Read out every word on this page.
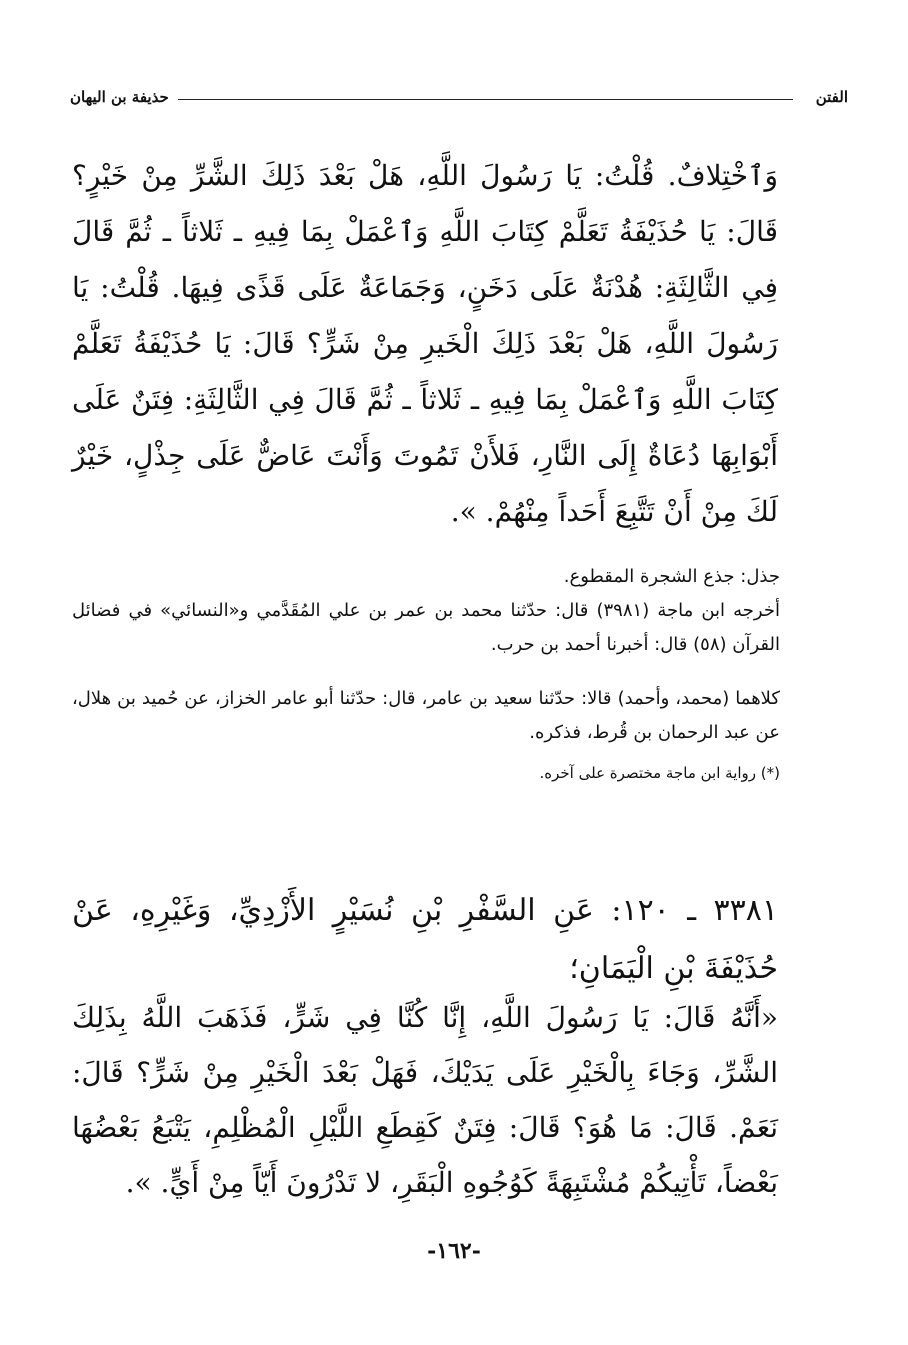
الفتن
حذيفة بن اليهان

وَٱخْتِلافٌ. قُلْتُ: يَا رَسُولَ اللَّهِ، هَلْ بَعْدَ ذَلِكَ الشَّرِّ مِنْ خَيْرٍ؟ قَالَ: يَا حُذَيْفَةُ تَعَلَّمْ كِتَابَ اللَّهِ وَٱعْمَلْ بِمَا فِيهِ ـ ثَلاثاً ـ ثُمَّ قَالَ فِي الثَّالِثَةِ: هُدْنَةٌ عَلَى دَخَنٍ، وَجَمَاعَةٌ عَلَى قَذًى فِيهَا. قُلْتُ: يَا رَسُولَ اللَّهِ، هَلْ بَعْدَ ذَلِكَ الْخَيرِ مِنْ شَرٍّ؟ قَالَ: يَا حُذَيْفَةُ تَعَلَّمْ كِتَابَ اللَّهِ وَٱعْمَلْ بِمَا فِيهِ ـ ثَلاثاً ـ ثُمَّ قَالَ فِي الثَّالِثَةِ: فِتَنٌ عَلَى أَبْوَابِهَا دُعَاةٌ إِلَى النَّارِ، فَلأَنْ تَمُوتَ وَأَنْتَ عَاضٌّ عَلَى جِذْلٍ، خَيْرٌ لَكَ مِنْ أَنْ تَتَّبِعَ أَحَداً مِنْهُمْ. ».

جذل: جذع الشجرة المقطوع.

أخرجه ابن ماجة (٣٩٨١) قال: حدّثنا محمد بن عمر بن علي المُقَدَّمي و«النسائي» في فضائل القرآن (٥٨) قال: أخبرنا أحمد بن حرب.

كلاهما (محمد، وأحمد) قالا: حدّثنا سعيد بن عامر، قال: حدّثنا أبو عامر الخزاز، عن حُميد بن هلال، عن عبد الرحمان بن قُرط، فذكره.

(*) رواية ابن ماجة مختصرة على آخره.

٣٣٨١ ـ ١٢٠: عَنِ السَّفْرِ بْنِ نُسَيْرٍ الأَزْدِيِّ، وَغَيْرِهِ، عَنْ حُذَيْفَةَ بْنِ الْيَمَانِ؛

«أَنَّهُ قَالَ: يَا رَسُولَ اللَّهِ، إِنَّا كُنَّا فِي شَرٍّ، فَذَهَبَ اللَّهُ بِذَلِكَ الشَّرِّ، وَجَاءَ بِالْخَيْرِ عَلَى يَدَيْكَ، فَهَلْ بَعْدَ الْخَيْرِ مِنْ شَرٍّ؟ قَالَ: نَعَمْ. قَالَ: مَا هُوَ؟ قَالَ: فِتَنٌ كَقِطَعِ اللَّيْلِ الْمُظْلِمِ، يَتْبَعُ بَعْضُهَا بَعْضاً، تَأْتِيكُمْ مُشْتَبِهَةً كَوُجُوهِ الْبَقَرِ، لا تَدْرُونَ أَيّاً مِنْ أَيٍّ. ».

-١٦٢-
